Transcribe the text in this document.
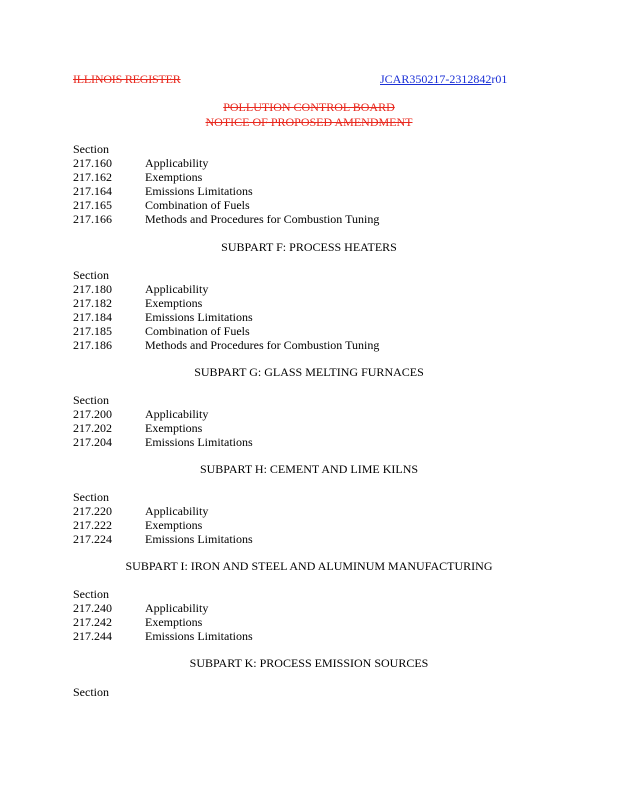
ILLINOIS REGISTER	JCAR350217-2312842r01
POLLUTION CONTROL BOARD
NOTICE OF PROPOSED AMENDMENT
Section
217.160	Applicability
217.162	Exemptions
217.164	Emissions Limitations
217.165	Combination of Fuels
217.166	Methods and Procedures for Combustion Tuning
SUBPART F: PROCESS HEATERS
Section
217.180	Applicability
217.182	Exemptions
217.184	Emissions Limitations
217.185	Combination of Fuels
217.186	Methods and Procedures for Combustion Tuning
SUBPART G: GLASS MELTING FURNACES
Section
217.200	Applicability
217.202	Exemptions
217.204	Emissions Limitations
SUBPART H: CEMENT AND LIME KILNS
Section
217.220	Applicability
217.222	Exemptions
217.224	Emissions Limitations
SUBPART I: IRON AND STEEL AND ALUMINUM MANUFACTURING
Section
217.240	Applicability
217.242	Exemptions
217.244	Emissions Limitations
SUBPART K: PROCESS EMISSION SOURCES
Section
